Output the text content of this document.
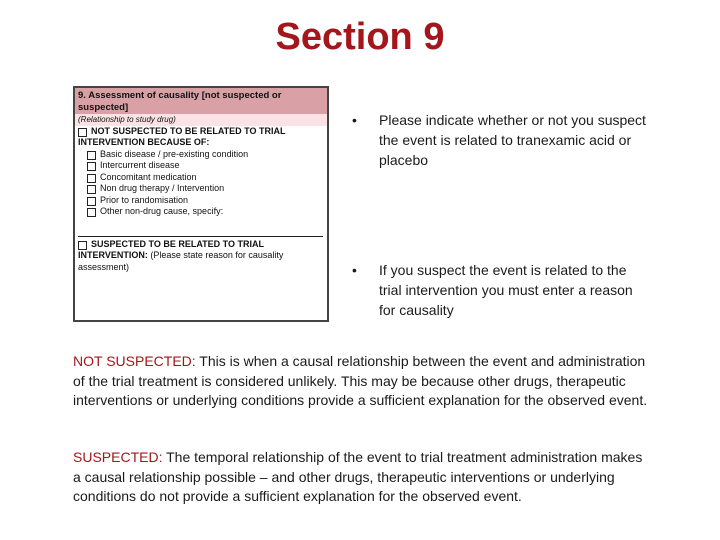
Section 9
9. Assessment of causality [not suspected or suspected]
(Relationship to study drug)
NOT SUSPECTED TO BE RELATED TO TRIAL
INTERVENTION BECAUSE OF:
Basic disease / pre-existing condition
Intercurrent disease
Concomitant medication
Non drug therapy / Intervention
Prior to randomisation
Other non-drug cause, specify:
SUSPECTED TO BE RELATED TO TRIAL
INTERVENTION: (Please state reason for causality assessment)
•	Please indicate whether or not you suspect the event is related to tranexamic acid or placebo
•	If you suspect the event is related to the trial intervention you must enter a reason for causality
NOT SUSPECTED: This is when a causal relationship between the event and administration of the trial treatment is considered unlikely. This may be because other drugs, therapeutic interventions or underlying conditions provide a sufficient explanation for the observed event.
SUSPECTED: The temporal relationship of the event to trial treatment administration makes a causal relationship possible – and other drugs, therapeutic interventions or underlying conditions do not provide a sufficient explanation for the observed event.
